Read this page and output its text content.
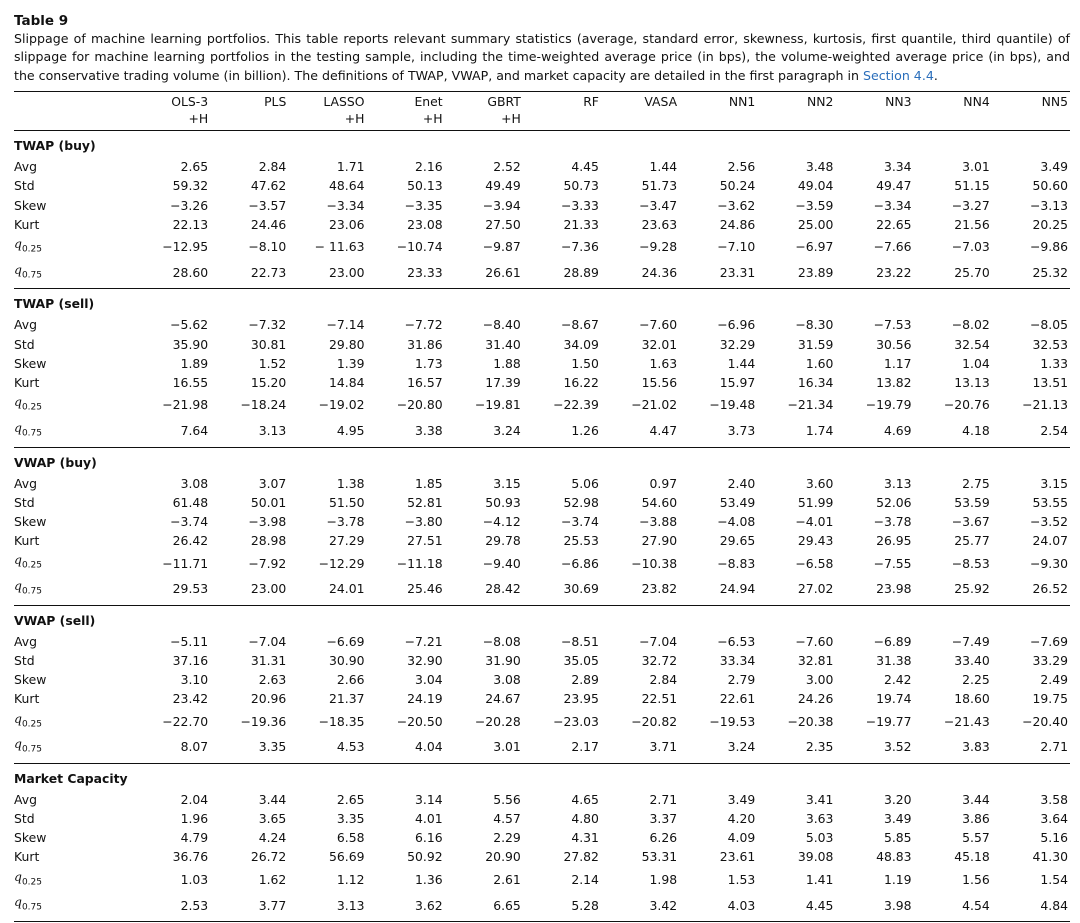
Table 9

Slippage of machine learning portfolios. This table reports relevant summary statistics (average, standard error, skewness, kurtosis, first quantile, third quantile) of slippage for machine learning portfolios in the testing sample, including the time-weighted average price (in bps), the volume-weighted average price (in bps), and the conservative trading volume (in billion). The definitions of TWAP, VWAP, and market capacity are detailed in the first paragraph in Section 4.4.

	OLS-3	PLS	LASSO	Enet	GBRT	RF	VASA	NN1	NN2	NN3	NN4	NN5
	+H		+H	+H	+H							
TWAP (buy)												
Avg	2.65	2.84	1.71	2.16	2.52	4.45	1.44	2.56	3.48	3.34	3.01	3.49
Std	59.32	47.62	48.64	50.13	49.49	50.73	51.73	50.24	49.04	49.47	51.15	50.60
Skew	−3.26	−3.57	−3.34	−3.35	−3.94	−3.33	−3.47	−3.62	−3.59	−3.34	−3.27	−3.13
Kurt	22.13	24.46	23.06	23.08	27.50	21.33	23.63	24.86	25.00	22.65	21.56	20.25
$q_{0.25}$	−12.95	−8.10	− 11.63	−10.74	−9.87	−7.36	−9.28	−7.10	−6.97	−7.66	−7.03	−9.86
$q_{0.75}$	28.60	22.73	23.00	23.33	26.61	28.89	24.36	23.31	23.89	23.22	25.70	25.32
TWAP (sell)												
Avg	−5.62	−7.32	−7.14	−7.72	−8.40	−8.67	−7.60	−6.96	−8.30	−7.53	−8.02	−8.05
Std	35.90	30.81	29.80	31.86	31.40	34.09	32.01	32.29	31.59	30.56	32.54	32.53
Skew	1.89	1.52	1.39	1.73	1.88	1.50	1.63	1.44	1.60	1.17	1.04	1.33
Kurt	16.55	15.20	14.84	16.57	17.39	16.22	15.56	15.97	16.34	13.82	13.13	13.51
$q_{0.25}$	−21.98	−18.24	−19.02	−20.80	−19.81	−22.39	−21.02	−19.48	−21.34	−19.79	−20.76	−21.13
$q_{0.75}$	7.64	3.13	4.95	3.38	3.24	1.26	4.47	3.73	1.74	4.69	4.18	2.54
VWAP (buy)												
Avg	3.08	3.07	1.38	1.85	3.15	5.06	0.97	2.40	3.60	3.13	2.75	3.15
Std	61.48	50.01	51.50	52.81	50.93	52.98	54.60	53.49	51.99	52.06	53.59	53.55
Skew	−3.74	−3.98	−3.78	−3.80	−4.12	−3.74	−3.88	−4.08	−4.01	−3.78	−3.67	−3.52
Kurt	26.42	28.98	27.29	27.51	29.78	25.53	27.90	29.65	29.43	26.95	25.77	24.07
$q_{0.25}$	−11.71	−7.92	−12.29	−11.18	−9.40	−6.86	−10.38	−8.83	−6.58	−7.55	−8.53	−9.30
$q_{0.75}$	29.53	23.00	24.01	25.46	28.42	30.69	23.82	24.94	27.02	23.98	25.92	26.52
VWAP (sell)												
Avg	−5.11	−7.04	−6.69	−7.21	−8.08	−8.51	−7.04	−6.53	−7.60	−6.89	−7.49	−7.69
Std	37.16	31.31	30.90	32.90	31.90	35.05	32.72	33.34	32.81	31.38	33.40	33.29
Skew	3.10	2.63	2.66	3.04	3.08	2.89	2.84	2.79	3.00	2.42	2.25	2.49
Kurt	23.42	20.96	21.37	24.19	24.67	23.95	22.51	22.61	24.26	19.74	18.60	19.75
$q_{0.25}$	−22.70	−19.36	−18.35	−20.50	−20.28	−23.03	−20.82	−19.53	−20.38	−19.77	−21.43	−20.40
$q_{0.75}$	8.07	3.35	4.53	4.04	3.01	2.17	3.71	3.24	2.35	3.52	3.83	2.71
Market Capacity												
Avg	2.04	3.44	2.65	3.14	5.56	4.65	2.71	3.49	3.41	3.20	3.44	3.58
Std	1.96	3.65	3.35	4.01	4.57	4.80	3.37	4.20	3.63	3.49	3.86	3.64
Skew	4.79	4.24	6.58	6.16	2.29	4.31	6.26	4.09	5.03	5.85	5.57	5.16
Kurt	36.76	26.72	56.69	50.92	20.90	27.82	53.31	23.61	39.08	48.83	45.18	41.30
$q_{0.25}$	1.03	1.62	1.12	1.36	2.61	2.14	1.98	1.53	1.41	1.19	1.56	1.54
$q_{0.75}$	2.53	3.77	3.13	3.62	6.65	5.28	3.42	4.03	4.45	3.98	4.54	4.84
